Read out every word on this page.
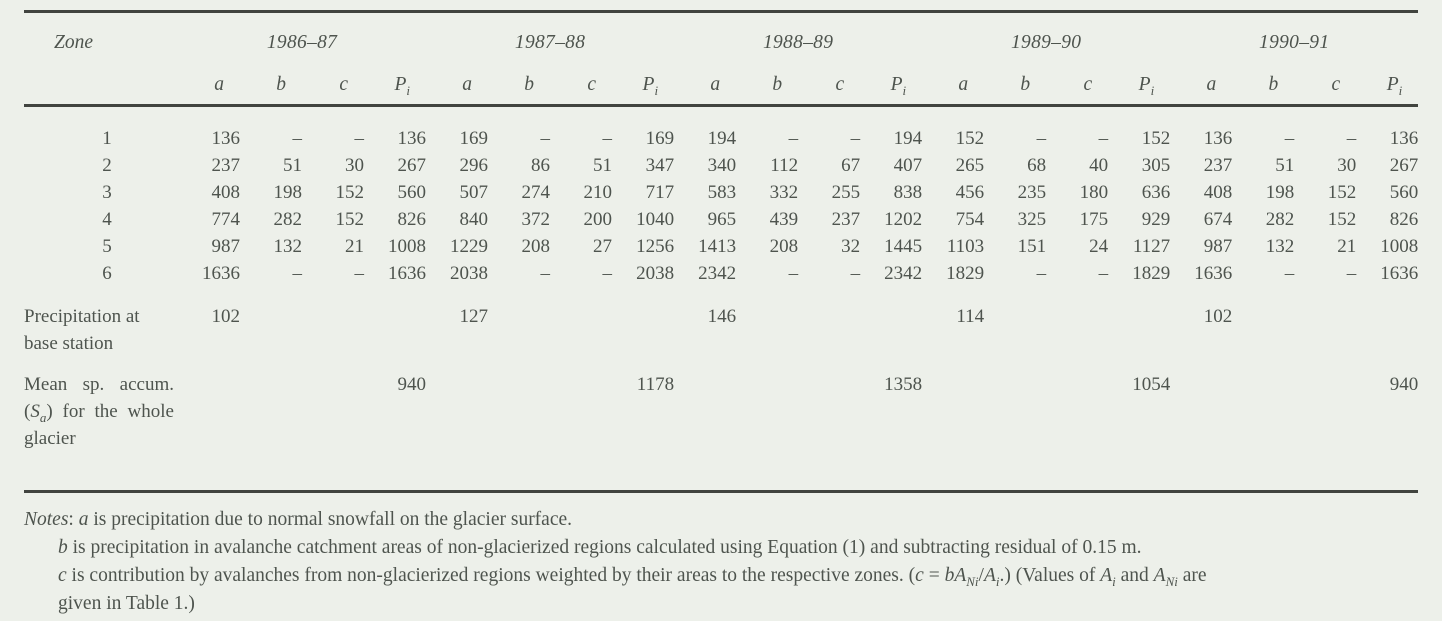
Zone	1986–87				1987–88				1988–89				1989–90				1990–91			
	a	b	c	$P_i$	a	b	c	$P_i$	a	b	c	$P_i$	a	b	c	$P_i$	a	b	c	$P_i$

1	136	–	–	136	169	–	–	169	194	–	–	194	152	–	–	152	136	–	–	136
2	237	51	30	267	296	86	51	347	340	112	67	407	265	68	40	305	237	51	30	267
3	408	198	152	560	507	274	210	717	583	332	255	838	456	235	180	636	408	198	152	560
4	774	282	152	826	840	372	200	1040	965	439	237	1202	754	325	175	929	674	282	152	826
5	987	132	21	1008	1229	208	27	1256	1413	208	32	1445	1103	151	24	1127	987	132	21	1008
6	1636	–	–	1636	2038	–	–	2038	2342	–	–	2342	1829	–	–	1829	1636	–	–	1636

Precipitation at
base station	102				127				146				114				102			

Mean sp. accum.
$(S_a)$ for the whole
glacier				940				1178				1358				1054				940

Notes: a is precipitation due to normal snowfall on the glacier surface.
b is precipitation in avalanche catchment areas of non-glacierized regions calculated using Equation (1) and subtracting residual of 0.15 m.
c is contribution by avalanches from non-glacierized regions weighted by their areas to the respective zones. $(c = bA_{Ni}/A_i.)$ (Values of $A_i$ and $A_{Ni}$ are
given in Table 1.)
